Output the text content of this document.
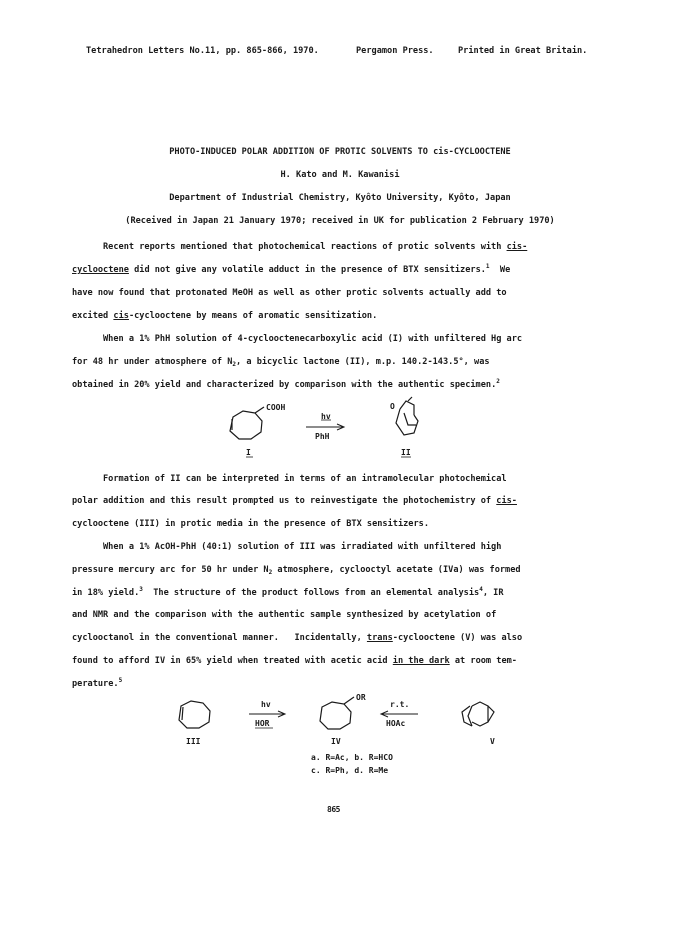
Tetrahedron Letters No.11, pp. 865-866, 1970.	Pergamon Press.	Printed in Great Britain.
PHOTO-INDUCED POLAR ADDITION OF PROTIC SOLVENTS TO cis-CYCLOOCTENE
H. Kato and M. Kawanisi
Department of Industrial Chemistry, Kyôto University, Kyôto, Japan
(Received in Japan 21 January 1970; received in UK for publication 2 February 1970)
Recent reports mentioned that photochemical reactions of protic solvents with cis-
cyclooctene did not give any volatile adduct in the presence of BTX sensitizers.$^1$  We
have now found that protonated MeOH as well as other protic solvents actually add to
excited cis-cyclooctene by means of aromatic sensitization.
When a 1% PhH solution of 4-cyclooctenecarboxylic acid (I) with unfiltered Hg arc
for 48 hr under atmosphere of $N_2$, a bicyclic lactone (II), m.p. 140.2-143.5°, was
obtained in 20% yield and characterized by comparison with the authentic specimen.$^2$
COOH
I
hv
PhH
O
II
Formation of II can be interpreted in terms of an intramolecular photochemical
polar addition and this result prompted us to reinvestigate the photochemistry of cis-
cyclooctene (III) in protic media in the presence of BTX sensitizers.
When a 1% AcOH-PhH (40:1) solution of III was irradiated with unfiltered high
pressure mercury arc for 50 hr under $N_2$ atmosphere, cyclooctyl acetate (IVa) was formed
in 18% yield.$^3$  The structure of the product follows from an elemental analysis$^4$, IR
and NMR and the comparison with the authentic sample synthesized by acetylation of
cyclooctanol in the conventional manner.   Incidentally, trans-cyclooctene (V) was also
found to afford IV in 65% yield when treated with acetic acid in the dark at room tem-
perature.$^5$
III
hv
HOR
OR
IV
r.t.
HOAc
V
a. R=Ac, b. R=HCO
c. R=Ph, d. R=Me
865
